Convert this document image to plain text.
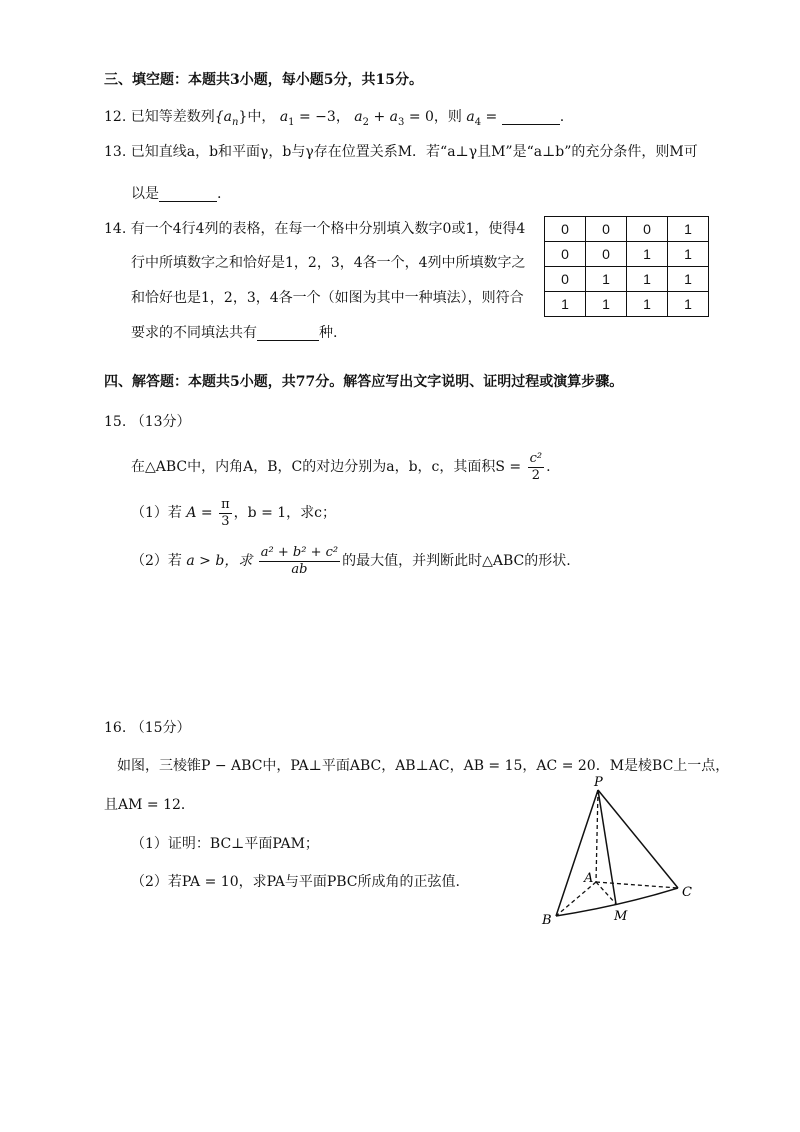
三、填空题：本题共3小题，每小题5分，共15分。
12. 已知等差数列$\{a_n\}$中， $a_1 = -3$， $a_2 + a_3 = 0$，则 $a_4$ =	.
13. 已知直线a，b和平面γ，b与γ存在位置关系M．若“a⊥γ且M”是“a⊥b”的充分条件，则M可
以是	.
14. 有一个4行4列的表格，在每一个格中分别填入数字0或1，使得4
行中所填数字之和恰好是1，2，3，4各一个，4列中所填数字之
和恰好也是1，2，3，4各一个（如图为其中一种填法），则符合
要求的不同填法共有	种.
0	0	0	1
0	0	1	1
0	1	1	1
1	1	1	1
四、解答题：本题共5小题，共77分。解答应写出文字说明、证明过程或演算步骤。
15. （13分）
在△ABC中，内角A，B，C的对边分别为a，b，c，其面积$S = \frac{\text{c²}}{2}$ .
（1）若 $A = \frac{\pi}{3}$ ，b = 1，求c；
（2）若 a > b，求 $\frac{\text{a² + b² + c²}}{ab}$ 的最大值，并判断此时△ABC的形状.
16. （15分）
如图，三棱锥P − ABC中，PA⊥平面ABC，AB⊥AC，AB = 15，AC = 20．M是棱BC上一点，
且AM = 12．
（1）证明：BC⊥平面PAM；
（2）若PA = 10，求PA与平面PBC所成角的正弦值.
P
A
B
C
M
